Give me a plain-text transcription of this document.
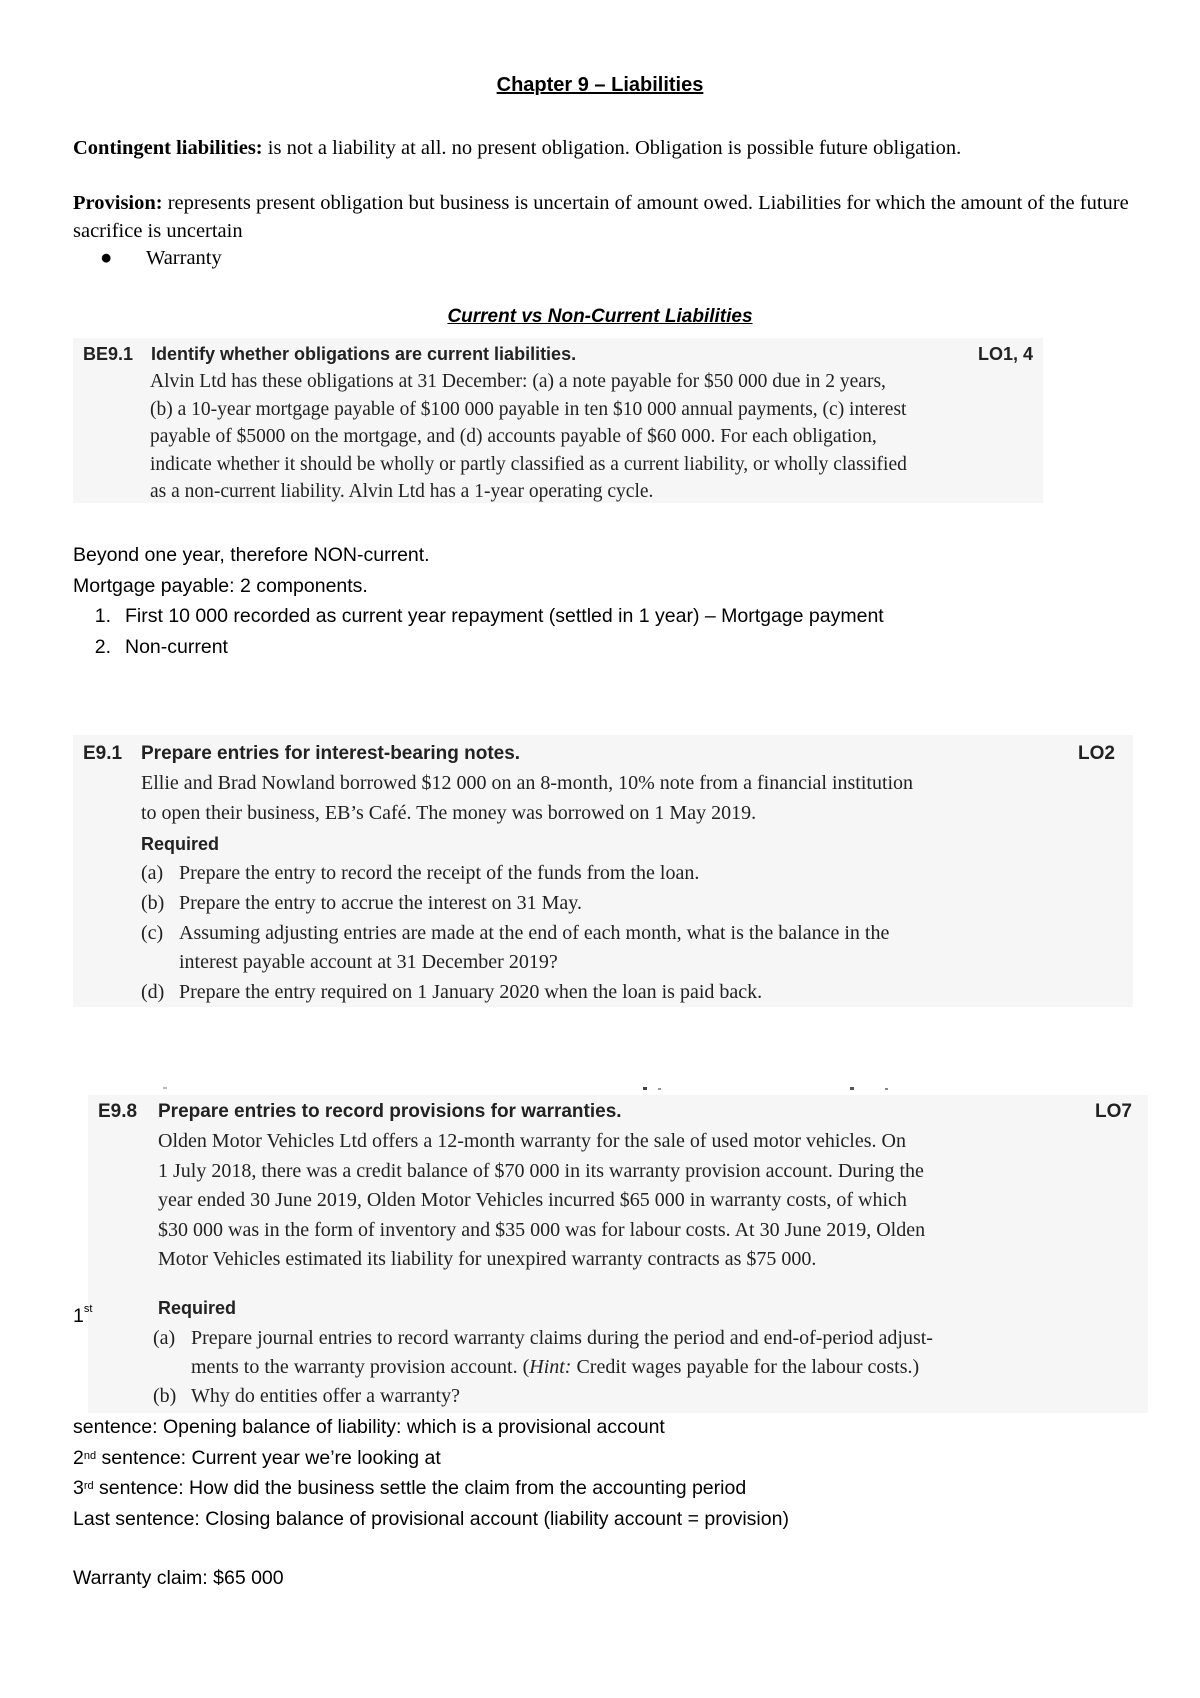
Chapter 9 – Liabilities
Contingent liabilities: is not a liability at all. no present obligation. Obligation is possible future obligation.
Provision: represents present obligation but business is uncertain of amount owed. Liabilities for which the amount of the future sacrifice is uncertain
● Warranty
Current vs Non-Current Liabilities
BE9.1 Identify whether obligations are current liabilities.	LO1, 4
Alvin Ltd has these obligations at 31 December: (a) a note payable for $50 000 due in 2 years,
(b) a 10-year mortgage payable of $100 000 payable in ten $10 000 annual payments, (c) interest
payable of $5000 on the mortgage, and (d) accounts payable of $60 000. For each obligation,
indicate whether it should be wholly or partly classified as a current liability, or wholly classified
as a non-current liability. Alvin Ltd has a 1-year operating cycle.
Beyond one year, therefore NON-current.
Mortgage payable: 2 components.
1. First 10 000 recorded as current year repayment (settled in 1 year) – Mortgage payment
2. Non-current
E9.1 Prepare entries for interest-bearing notes.	LO2
Ellie and Brad Nowland borrowed $12 000 on an 8-month, 10% note from a financial institution
to open their business, EB’s Café. The money was borrowed on 1 May 2019.
Required
(a) Prepare the entry to record the receipt of the funds from the loan.
(b) Prepare the entry to accrue the interest on 31 May.
(c) Assuming adjusting entries are made at the end of each month, what is the balance in the
interest payable account at 31 December 2019?
(d) Prepare the entry required on 1 January 2020 when the loan is paid back.
E9.8 Prepare entries to record provisions for warranties.	LO7
Olden Motor Vehicles Ltd offers a 12-month warranty for the sale of used motor vehicles. On
1 July 2018, there was a credit balance of $70 000 in its warranty provision account. During the
year ended 30 June 2019, Olden Motor Vehicles incurred $65 000 in warranty costs, of which
$30 000 was in the form of inventory and $35 000 was for labour costs. At 30 June 2019, Olden
Motor Vehicles estimated its liability for unexpired warranty contracts as $75 000.
Required
(a) Prepare journal entries to record warranty claims during the period and end-of-period adjust-
ments to the warranty provision account. (Hint: Credit wages payable for the labour costs.)
(b) Why do entities offer a warranty?
1st
sentence: Opening balance of liability: which is a provisional account
2nd sentence: Current year we’re looking at
3rd sentence: How did the business settle the claim from the accounting period
Last sentence: Closing balance of provisional account (liability account = provision)
Warranty claim: $65 000
